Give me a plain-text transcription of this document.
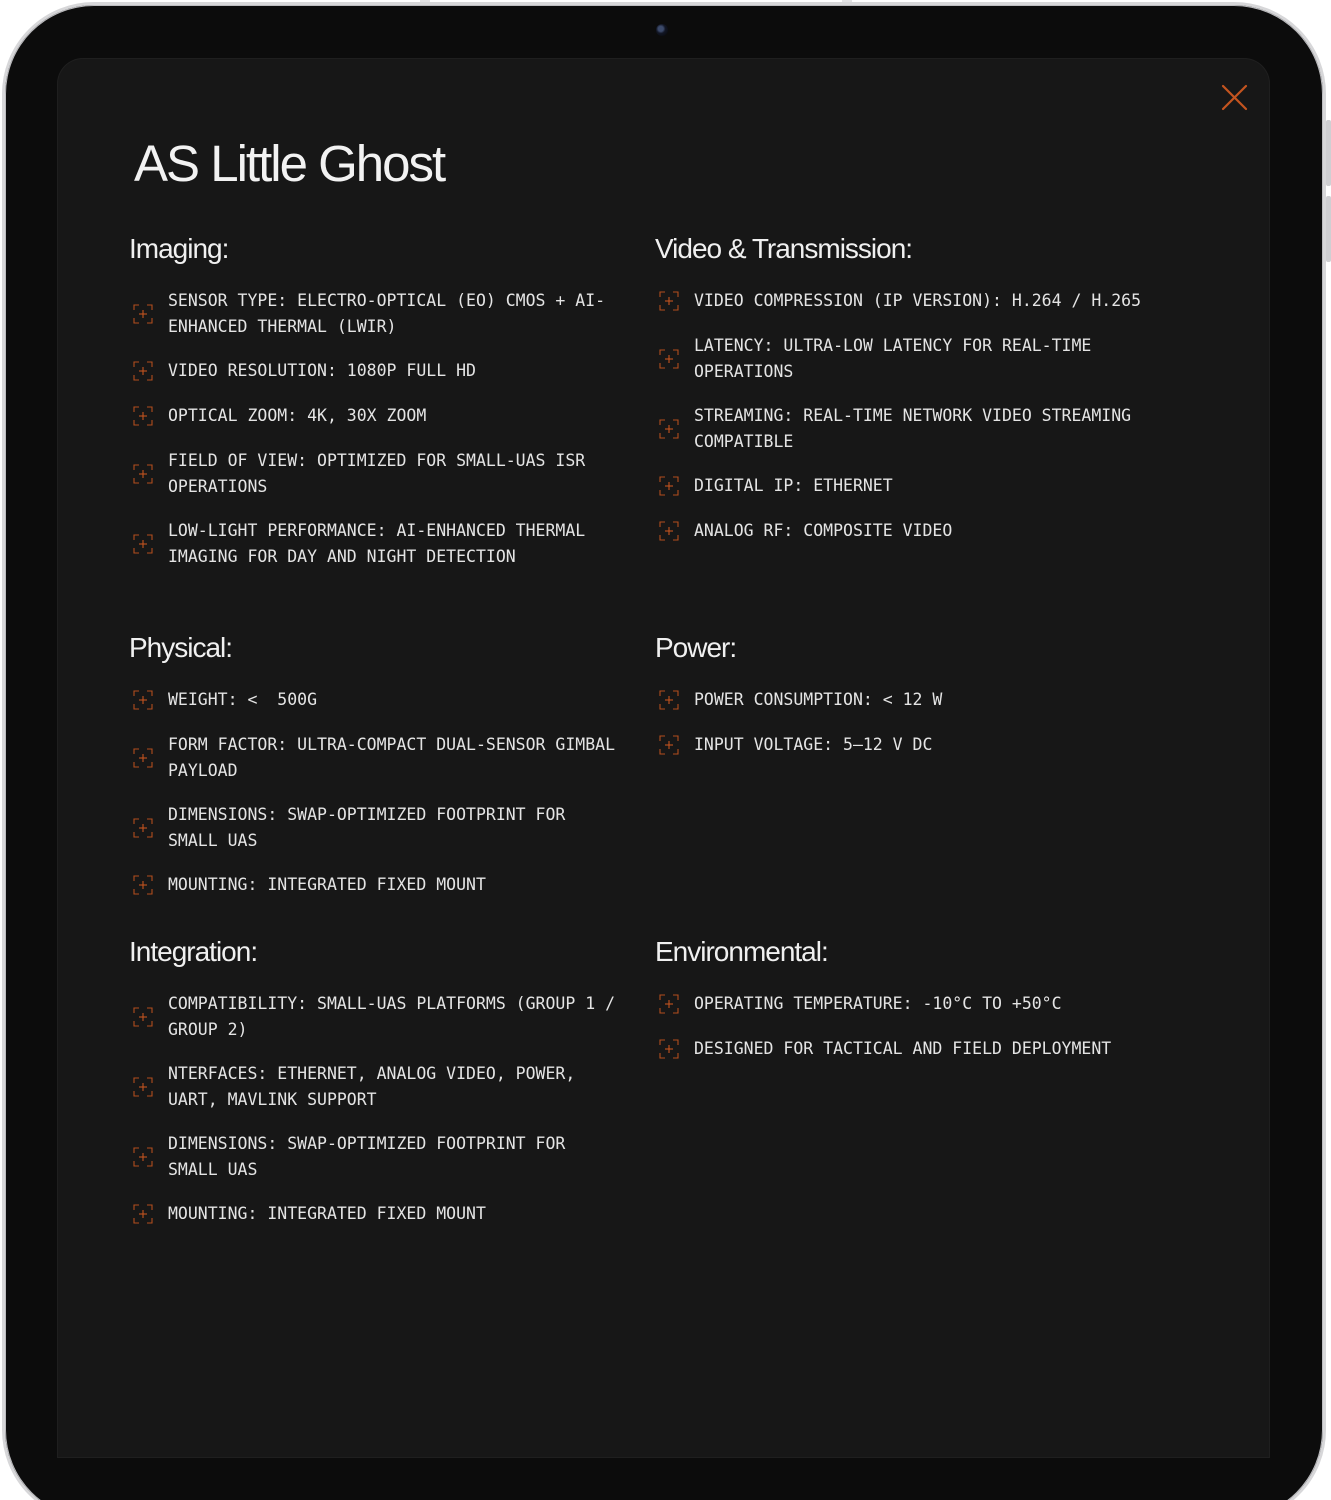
AS Little Ghost
Imaging:
SENSOR TYPE: ELECTRO-OPTICAL (EO) CMOS + AI-ENHANCED THERMAL (LWIR)
VIDEO RESOLUTION: 1080P FULL HD
OPTICAL ZOOM: 4K, 30X ZOOM
FIELD OF VIEW: OPTIMIZED FOR SMALL-UAS ISR OPERATIONS
LOW-LIGHT PERFORMANCE: AI-ENHANCED THERMAL IMAGING FOR DAY AND NIGHT DETECTION
Video & Transmission:
VIDEO COMPRESSION (IP VERSION): H.264 / H.265
LATENCY: ULTRA-LOW LATENCY FOR REAL-TIME OPERATIONS
STREAMING: REAL-TIME NETWORK VIDEO STREAMING COMPATIBLE
DIGITAL IP: ETHERNET
ANALOG RF: COMPOSITE VIDEO
Physical:
WEIGHT: <  500G
FORM FACTOR: ULTRA-COMPACT DUAL-SENSOR GIMBAL PAYLOAD
DIMENSIONS: SWAP-OPTIMIZED FOOTPRINT FOR SMALL UAS
MOUNTING: INTEGRATED FIXED MOUNT
Power:
POWER CONSUMPTION: < 12 W
INPUT VOLTAGE: 5–12 V DC
Integration:
COMPATIBILITY: SMALL-UAS PLATFORMS (GROUP 1 / GROUP 2)
NTERFACES: ETHERNET, ANALOG VIDEO, POWER, UART, MAVLINK SUPPORT
DIMENSIONS: SWAP-OPTIMIZED FOOTPRINT FOR SMALL UAS
MOUNTING: INTEGRATED FIXED MOUNT
Environmental:
OPERATING TEMPERATURE: -10°C TO +50°C
DESIGNED FOR TACTICAL AND FIELD DEPLOYMENT
